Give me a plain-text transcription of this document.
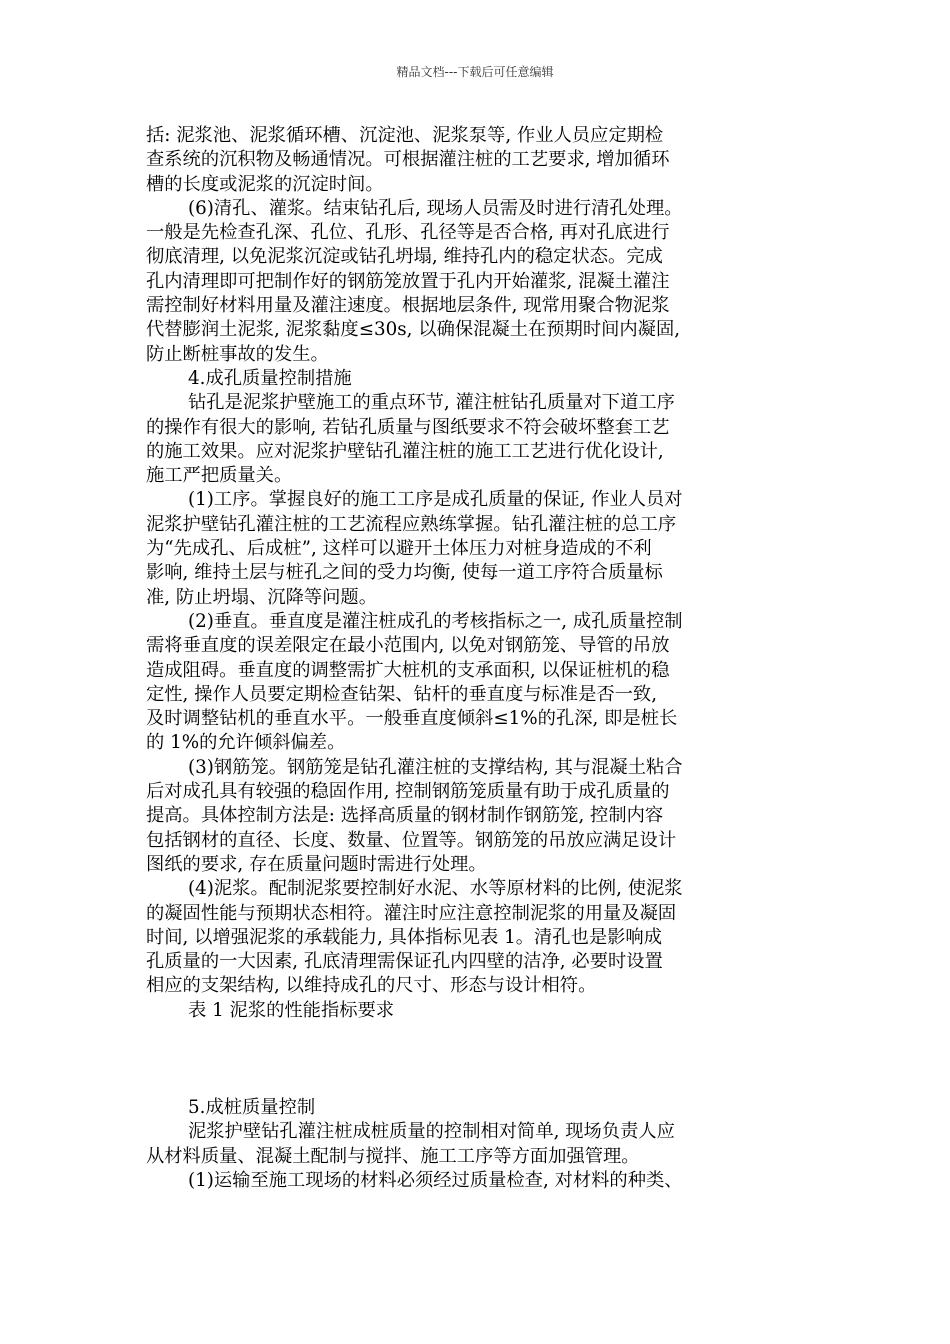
精品文档---下载后可任意编辑
括: 泥浆池、泥浆循环槽、沉淀池、泥浆泵等, 作业人员应定期检
查系统的沉积物及畅通情况。可根据灌注桩的工艺要求, 增加循环
槽的长度或泥浆的沉淀时间。
(6)清孔、灌浆。结束钻孔后, 现场人员需及时进行清孔处理。
一般是先检查孔深、孔位、孔形、孔径等是否合格, 再对孔底进行
彻底清理, 以免泥浆沉淀或钻孔坍塌, 维持孔内的稳定状态。完成
孔内清理即可把制作好的钢筋笼放置于孔内开始灌浆, 混凝土灌注
需控制好材料用量及灌注速度。根据地层条件, 现常用聚合物泥浆
代替膨润土泥浆, 泥浆黏度≤30s, 以确保混凝土在预期时间内凝固,
防止断桩事故的发生。
4.成孔质量控制措施
钻孔是泥浆护壁施工的重点环节, 灌注桩钻孔质量对下道工序
的操作有很大的影响, 若钻孔质量与图纸要求不符会破坏整套工艺
的施工效果。应对泥浆护壁钻孔灌注桩的施工工艺进行优化设计,
施工严把质量关。
(1)工序。掌握良好的施工工序是成孔质量的保证, 作业人员对
泥浆护壁钻孔灌注桩的工艺流程应熟练掌握。钻孔灌注桩的总工序
为“先成孔、后成桩”, 这样可以避开土体压力对桩身造成的不利
影响, 维持土层与桩孔之间的受力均衡, 使每一道工序符合质量标
准, 防止坍塌、沉降等问题。
(2)垂直。垂直度是灌注桩成孔的考核指标之一, 成孔质量控制
需将垂直度的误差限定在最小范围内, 以免对钢筋笼、导管的吊放
造成阻碍。垂直度的调整需扩大桩机的支承面积, 以保证桩机的稳
定性, 操作人员要定期检查钻架、钻杆的垂直度与标准是否一致,
及时调整钻机的垂直水平。一般垂直度倾斜≤1%的孔深, 即是桩长
的 1%的允许倾斜偏差。
(3)钢筋笼。钢筋笼是钻孔灌注桩的支撑结构, 其与混凝土粘合
后对成孔具有较强的稳固作用, 控制钢筋笼质量有助于成孔质量的
提高。具体控制方法是: 选择高质量的钢材制作钢筋笼, 控制内容
包括钢材的直径、长度、数量、位置等。钢筋笼的吊放应满足设计
图纸的要求, 存在质量问题时需进行处理。
(4)泥浆。配制泥浆要控制好水泥、水等原材料的比例, 使泥浆
的凝固性能与预期状态相符。灌注时应注意控制泥浆的用量及凝固
时间, 以增强泥浆的承载能力, 具体指标见表 1。清孔也是影响成
孔质量的一大因素, 孔底清理需保证孔内四壁的洁净, 必要时设置
相应的支架结构, 以维持成孔的尺寸、形态与设计相符。
表 1 泥浆的性能指标要求
5.成桩质量控制
泥浆护壁钻孔灌注桩成桩质量的控制相对简单, 现场负责人应
从材料质量、混凝土配制与搅拌、施工工序等方面加强管理。
(1)运输至施工现场的材料必须经过质量检查, 对材料的种类、
